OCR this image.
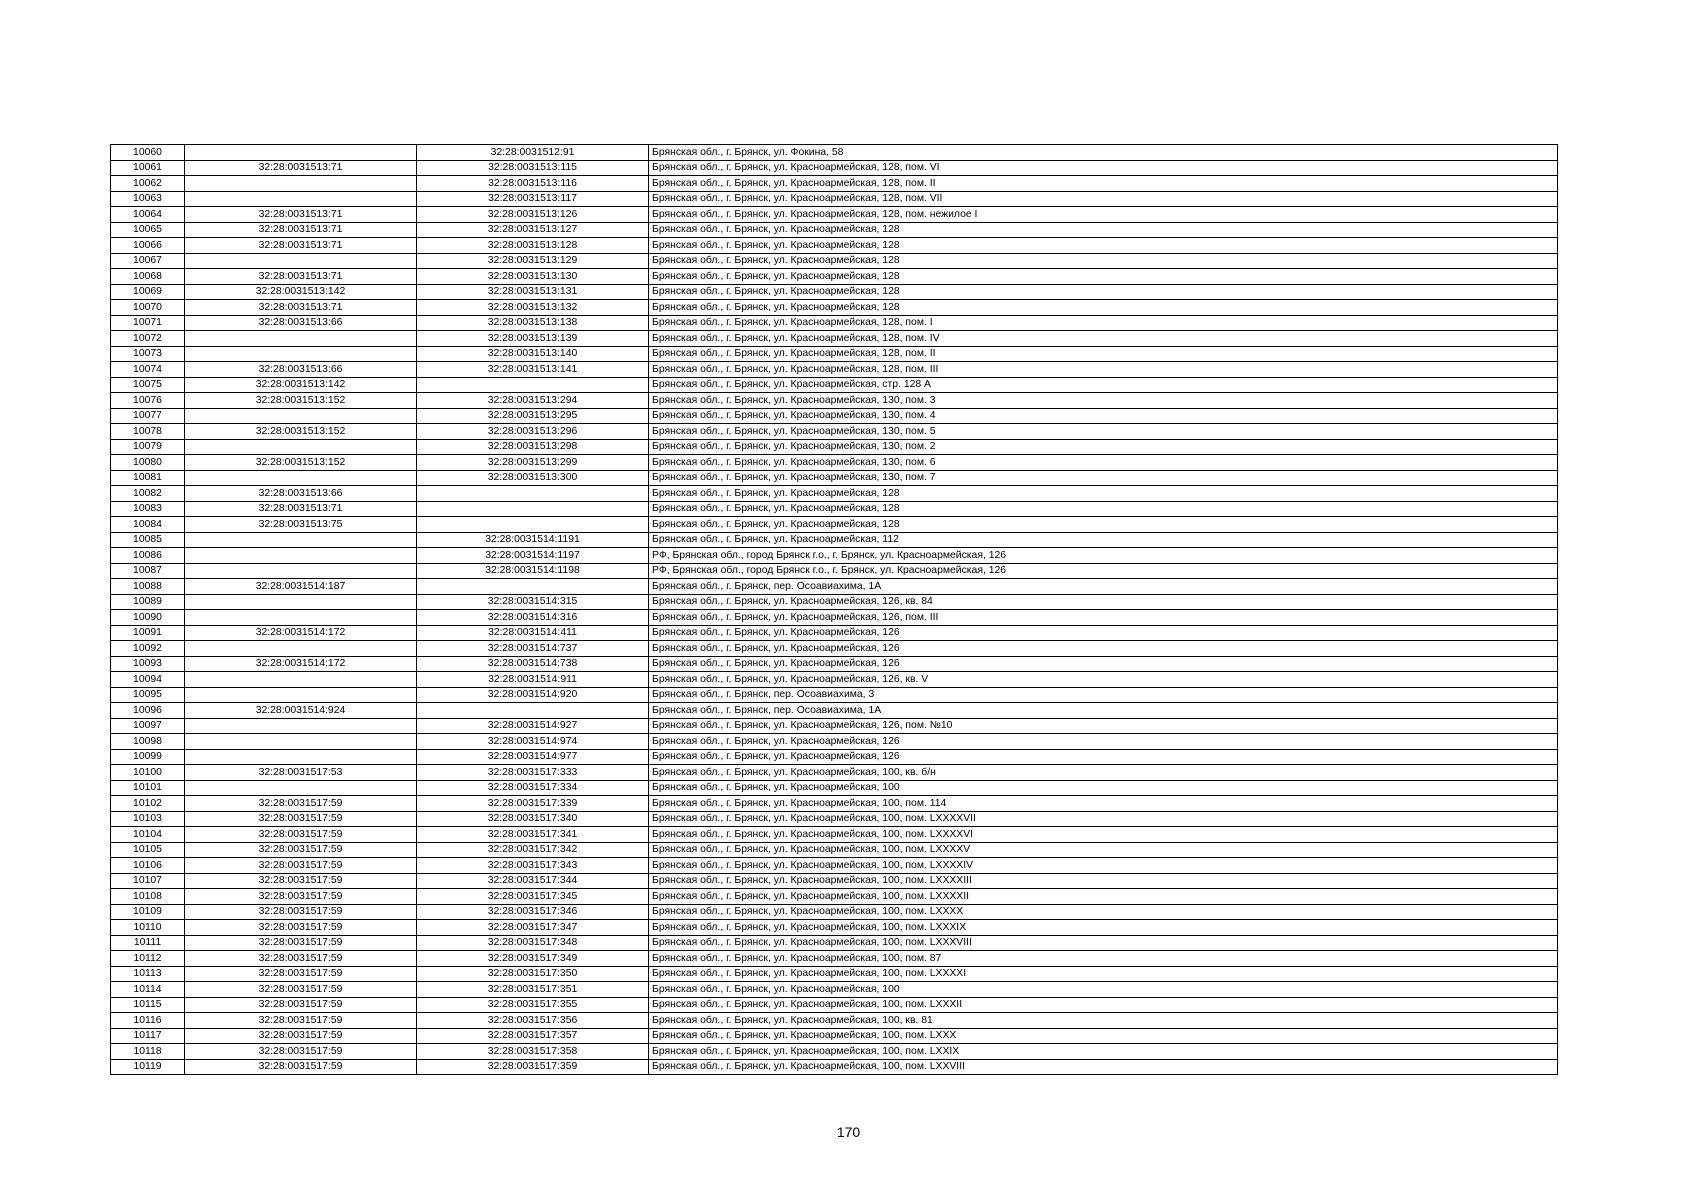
10060		32:28:0031512:91	Брянская обл., г. Брянск, ул. Фокина, 58
10061	32:28:0031513:71	32:28:0031513:115	Брянская обл., г. Брянск, ул. Красноармейская, 128, пом. VI
10062		32:28:0031513:116	Брянская обл., г. Брянск, ул. Красноармейская, 128, пом. II
10063		32:28:0031513:117	Брянская обл., г. Брянск, ул. Красноармейская, 128, пом. VII
10064	32:28:0031513:71	32:28:0031513:126	Брянская обл., г. Брянск, ул. Красноармейская, 128, пом. нежилое I
10065	32:28:0031513:71	32:28:0031513:127	Брянская обл., г. Брянск, ул. Красноармейская, 128
10066	32:28:0031513:71	32:28:0031513:128	Брянская обл., г. Брянск, ул. Красноармейская, 128
10067		32:28:0031513:129	Брянская обл., г. Брянск, ул. Красноармейская, 128
10068	32:28:0031513:71	32:28:0031513:130	Брянская обл., г. Брянск, ул. Красноармейская, 128
10069	32:28:0031513:142	32:28:0031513:131	Брянская обл., г. Брянск, ул. Красноармейская, 128
10070	32:28:0031513:71	32:28:0031513:132	Брянская обл., г. Брянск, ул. Красноармейская, 128
10071	32:28:0031513:66	32:28:0031513:138	Брянская обл., г. Брянск, ул. Красноармейская, 128, пом. I
10072		32:28:0031513:139	Брянская обл., г. Брянск, ул. Красноармейская, 128, пом. IV
10073		32:28:0031513:140	Брянская обл., г. Брянск, ул. Красноармейская, 128, пом. II
10074	32:28:0031513:66	32:28:0031513:141	Брянская обл., г. Брянск, ул. Красноармейская, 128, пом. III
10075	32:28:0031513:142		Брянская обл., г. Брянск, ул. Красноармейская, стр. 128 А
10076	32:28:0031513:152	32:28:0031513:294	Брянская обл., г. Брянск, ул. Красноармейская, 130, пом. 3
10077		32:28:0031513:295	Брянская обл., г. Брянск, ул. Красноармейская, 130, пом. 4
10078	32:28:0031513:152	32:28:0031513:296	Брянская обл., г. Брянск, ул. Красноармейская, 130, пом. 5
10079		32:28:0031513:298	Брянская обл., г. Брянск, ул. Красноармейская, 130, пом. 2
10080	32:28:0031513:152	32:28:0031513:299	Брянская обл., г. Брянск, ул. Красноармейская, 130, пом. 6
10081		32:28:0031513:300	Брянская обл., г. Брянск, ул. Красноармейская, 130, пом. 7
10082	32:28:0031513:66		Брянская обл., г. Брянск, ул. Красноармейская, 128
10083	32:28:0031513:71		Брянская обл., г. Брянск, ул. Красноармейская, 128
10084	32:28:0031513:75		Брянская обл., г. Брянск, ул. Красноармейская, 128
10085		32:28:0031514:1191	Брянская обл., г. Брянск, ул. Красноармейская, 112
10086		32:28:0031514:1197	РФ, Брянская обл., город Брянск г.о., г. Брянск, ул. Красноармейская, 126
10087		32:28:0031514:1198	РФ, Брянская обл., город Брянск г.о., г. Брянск, ул. Красноармейская, 126
10088	32:28:0031514:187		Брянская обл., г. Брянск, пер. Осоавиахима, 1А
10089		32:28:0031514:315	Брянская обл., г. Брянск, ул. Красноармейская, 126, кв. 84
10090		32:28:0031514:316	Брянская обл., г. Брянск, ул. Красноармейская, 126, пом. III
10091	32:28:0031514:172	32:28:0031514:411	Брянская обл., г. Брянск, ул. Красноармейская, 126
10092		32:28:0031514:737	Брянская обл., г. Брянск, ул. Красноармейская, 126
10093	32:28:0031514:172	32:28:0031514:738	Брянская обл., г. Брянск, ул. Красноармейская, 126
10094		32:28:0031514:911	Брянская обл., г. Брянск, ул. Красноармейская, 126, кв. V
10095		32:28:0031514:920	Брянская обл., г. Брянск, пер. Осоавиахима, 3
10096	32:28:0031514:924		Брянская обл., г. Брянск, пер. Осоавиахима, 1А
10097		32:28:0031514:927	Брянская обл., г. Брянск, ул. Красноармейская, 126, пом. №10
10098		32:28:0031514:974	Брянская обл., г. Брянск, ул. Красноармейская, 126
10099		32:28:0031514:977	Брянская обл., г. Брянск, ул. Красноармейская, 126
10100	32:28:0031517:53	32:28:0031517:333	Брянская обл., г. Брянск, ул. Красноармейская, 100, кв. б/н
10101		32:28:0031517:334	Брянская обл., г. Брянск, ул. Красноармейская, 100
10102	32:28:0031517:59	32:28:0031517:339	Брянская обл., г. Брянск, ул. Красноармейская, 100, пом. 114
10103	32:28:0031517:59	32:28:0031517:340	Брянская обл., г. Брянск, ул. Красноармейская, 100, пом. LXXXXVII
10104	32:28:0031517:59	32:28:0031517:341	Брянская обл., г. Брянск, ул. Красноармейская, 100, пом. LXXXXVI
10105	32:28:0031517:59	32:28:0031517:342	Брянская обл., г. Брянск, ул. Красноармейская, 100, пом. LXXXXV
10106	32:28:0031517:59	32:28:0031517:343	Брянская обл., г. Брянск, ул. Красноармейская, 100, пом. LXXXXIV
10107	32:28:0031517:59	32:28:0031517:344	Брянская обл., г. Брянск, ул. Красноармейская, 100, пом. LXXXXIII
10108	32:28:0031517:59	32:28:0031517:345	Брянская обл., г. Брянск, ул. Красноармейская, 100, пом. LXXXXII
10109	32:28:0031517:59	32:28:0031517:346	Брянская обл., г. Брянск, ул. Красноармейская, 100, пом. LXXXX
10110	32:28:0031517:59	32:28:0031517:347	Брянская обл., г. Брянск, ул. Красноармейская, 100, пом. LXXXIX
10111	32:28:0031517:59	32:28:0031517:348	Брянская обл., г. Брянск, ул. Красноармейская, 100, пом. LXXXVIII
10112	32:28:0031517:59	32:28:0031517:349	Брянская обл., г. Брянск, ул. Красноармейская, 100, пом. 87
10113	32:28:0031517:59	32:28:0031517:350	Брянская обл., г. Брянск, ул. Красноармейская, 100, пом. LXXXXI
10114	32:28:0031517:59	32:28:0031517:351	Брянская обл., г. Брянск, ул. Красноармейская, 100
10115	32:28:0031517:59	32:28:0031517:355	Брянская обл., г. Брянск, ул. Красноармейская, 100, пом. LXXXII
10116	32:28:0031517:59	32:28:0031517:356	Брянская обл., г. Брянск, ул. Красноармейская, 100, кв. 81
10117	32:28:0031517:59	32:28:0031517:357	Брянская обл., г. Брянск, ул. Красноармейская, 100, пом. LXXX
10118	32:28:0031517:59	32:28:0031517:358	Брянская обл., г. Брянск, ул. Красноармейская, 100, пом. LXXIX
10119	32:28:0031517:59	32:28:0031517:359	Брянская обл., г. Брянск, ул. Красноармейская, 100, пом. LXXVIII
170
